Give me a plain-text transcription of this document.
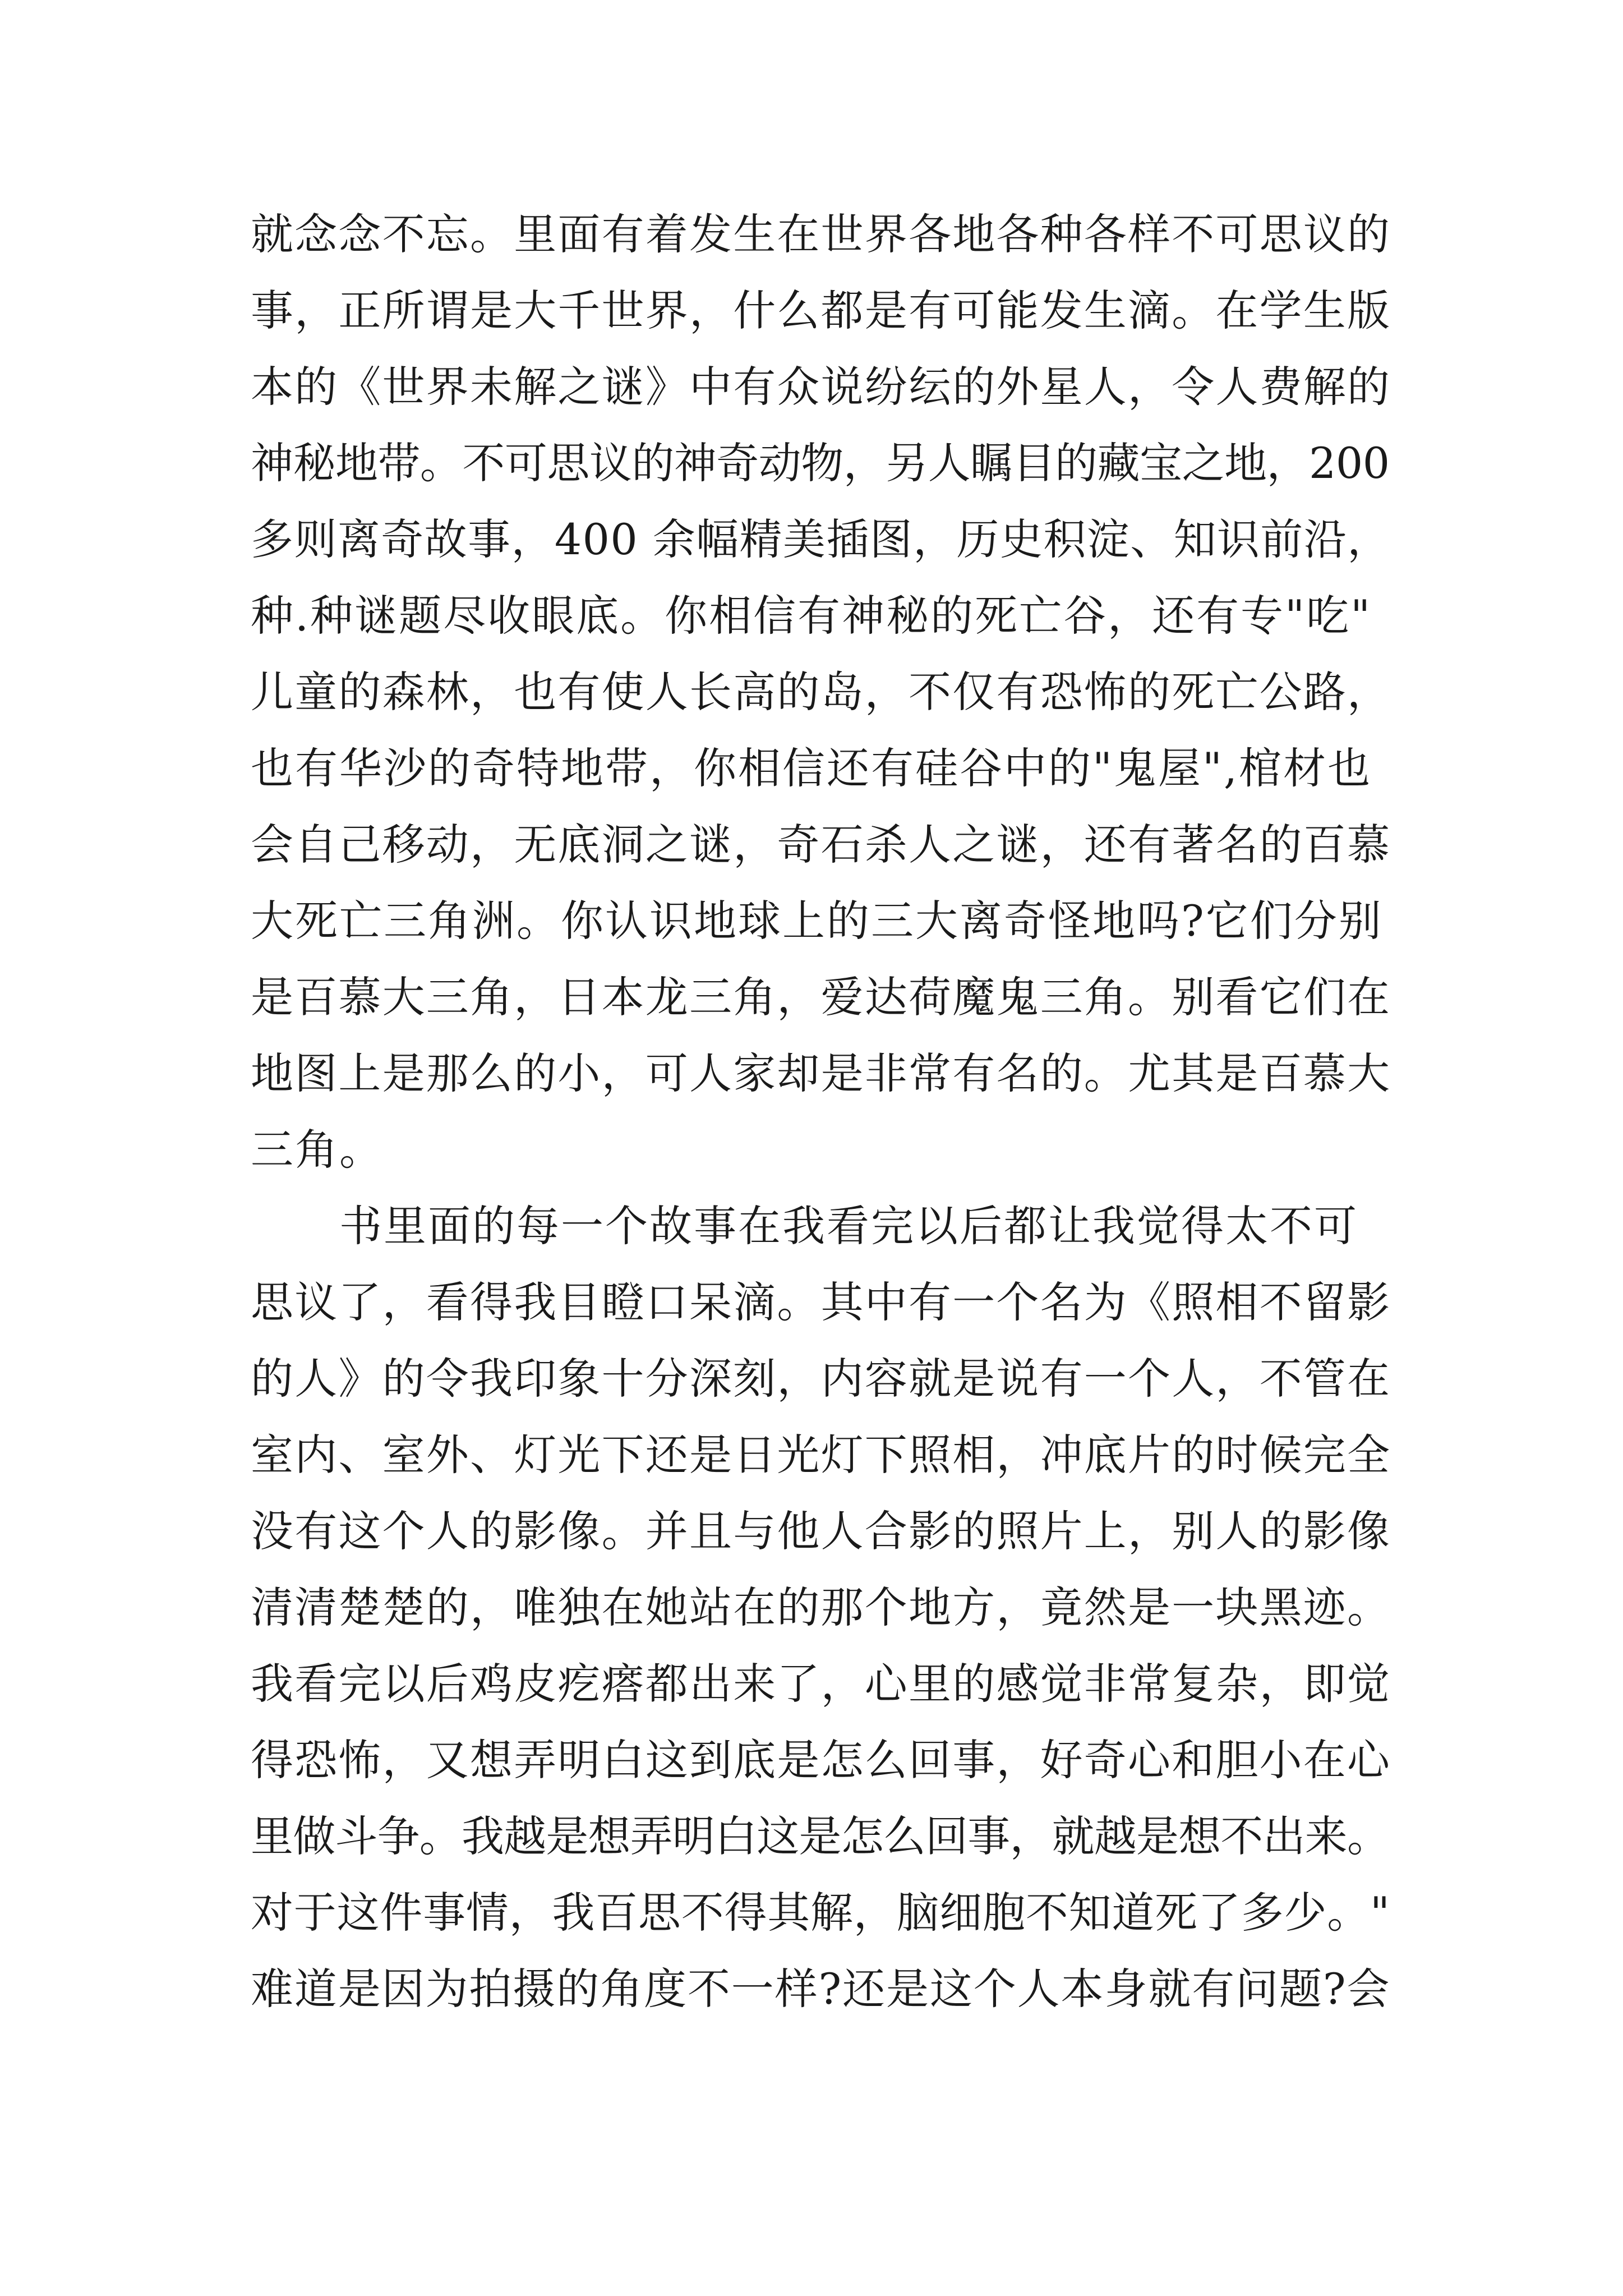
就念念不忘。里面有着发生在世界各地各种各样不可思议的
事，正所谓是大千世界，什么都是有可能发生滴。在学生版
本的《世界未解之谜》中有众说纷纭的外星人，令人费解的
神秘地带。不可思议的神奇动物，另人瞩目的藏宝之地，200
多则离奇故事，400 余幅精美插图，历史积淀、知识前沿，
种.种谜题尽收眼底。你相信有神秘的死亡谷，还有专"吃"
儿童的森林，也有使人长高的岛，不仅有恐怖的死亡公路，
也有华沙的奇特地带，你相信还有硅谷中的"鬼屋",棺材也
会自己移动，无底洞之谜，奇石杀人之谜，还有著名的百慕
大死亡三角洲。你认识地球上的三大离奇怪地吗?它们分别
是百慕大三角，日本龙三角，爱达荷魔鬼三角。别看它们在
地图上是那么的小，可人家却是非常有名的。尤其是百慕大
三角。
　　书里面的每一个故事在我看完以后都让我觉得太不可
思议了，看得我目瞪口呆滴。其中有一个名为《照相不留影
的人》的令我印象十分深刻，内容就是说有一个人，不管在
室内、室外、灯光下还是日光灯下照相，冲底片的时候完全
没有这个人的影像。并且与他人合影的照片上，别人的影像
清清楚楚的，唯独在她站在的那个地方，竟然是一块黑迹。
我看完以后鸡皮疙瘩都出来了，心里的感觉非常复杂，即觉
得恐怖，又想弄明白这到底是怎么回事，好奇心和胆小在心
里做斗争。我越是想弄明白这是怎么回事，就越是想不出来。
对于这件事情，我百思不得其解，脑细胞不知道死了多少。"
难道是因为拍摄的角度不一样?还是这个人本身就有问题?会
